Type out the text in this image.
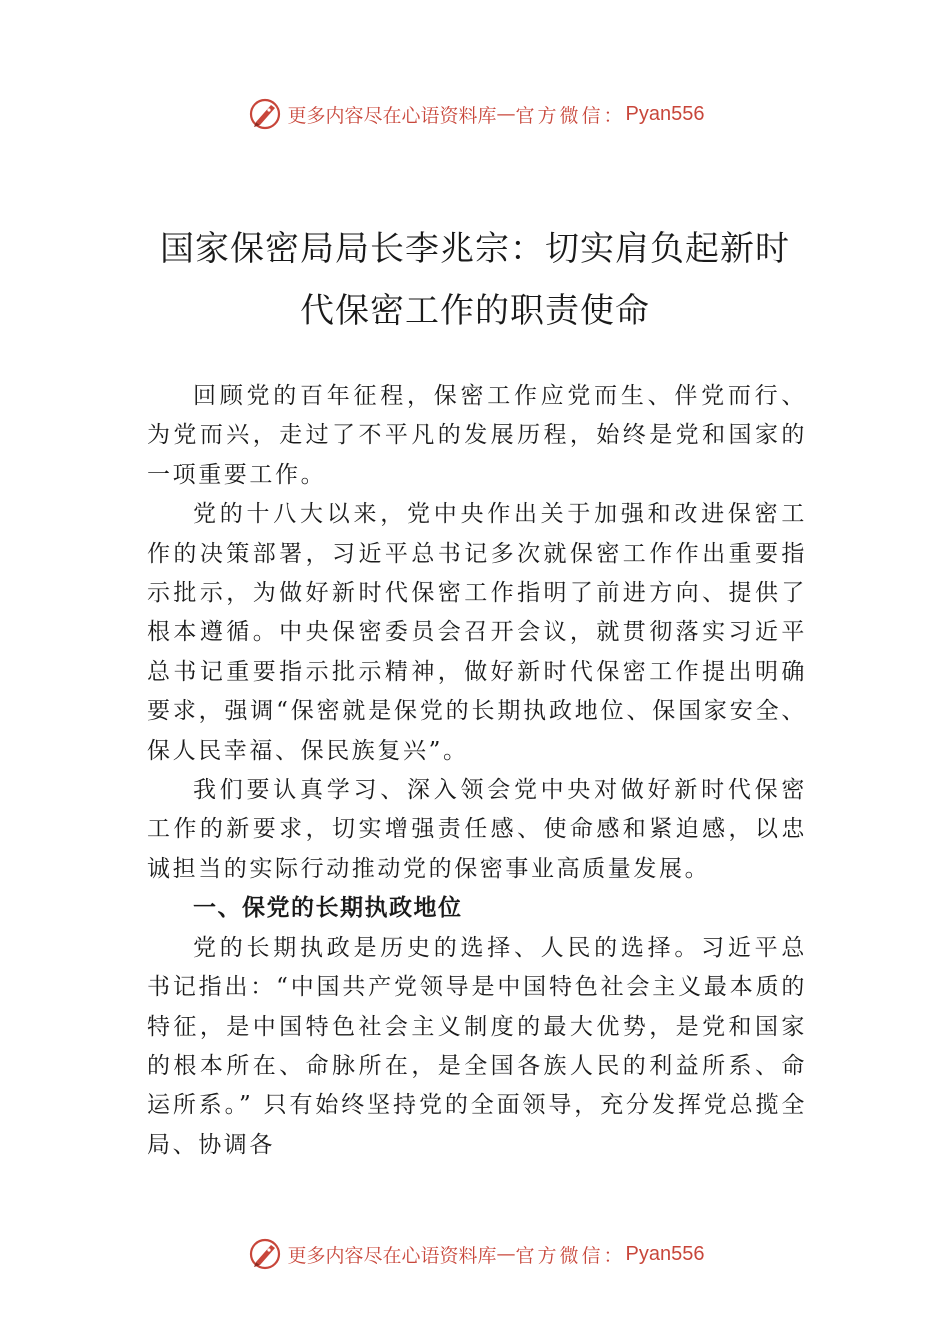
更多内容尽在心语资料库 — 官方微信： Pyan556
国家保密局局长李兆宗：切实肩负起新时
代保密工作的职责使命

回顾党的百年征程，保密工作应党而生、伴党而行、为党而兴，走过了不平凡的发展历程，始终是党和国家的一项重要工作。

党的十八大以来，党中央作出关于加强和改进保密工作的决策部署，习近平总书记多次就保密工作作出重要指示批示，为做好新时代保密工作指明了前进方向、提供了根本遵循。中央保密委员会召开会议，就贯彻落实习近平总书记重要指示批示精神，做好新时代保密工作提出明确要求，强调“保密就是保党的长期执政地位、保国家安全、保人民幸福、保民族复兴”。

我们要认真学习、深入领会党中央对做好新时代保密工作的新要求，切实增强责任感、使命感和紧迫感，以忠诚担当的实际行动推动党的保密事业高质量发展。

一、保党的长期执政地位

党的长期执政是历史的选择、人民的选择。习近平总书记指出：“中国共产党领导是中国特色社会主义最本质的特征，是中国特色社会主义制度的最大优势，是党和国家的根本所在、命脉所在，是全国各族人民的利益所系、命运所系。” 只有始终坚持党的全面领导，充分发挥党总揽全局、协调各

更多内容尽在心语资料库 — 官方微信： Pyan556
